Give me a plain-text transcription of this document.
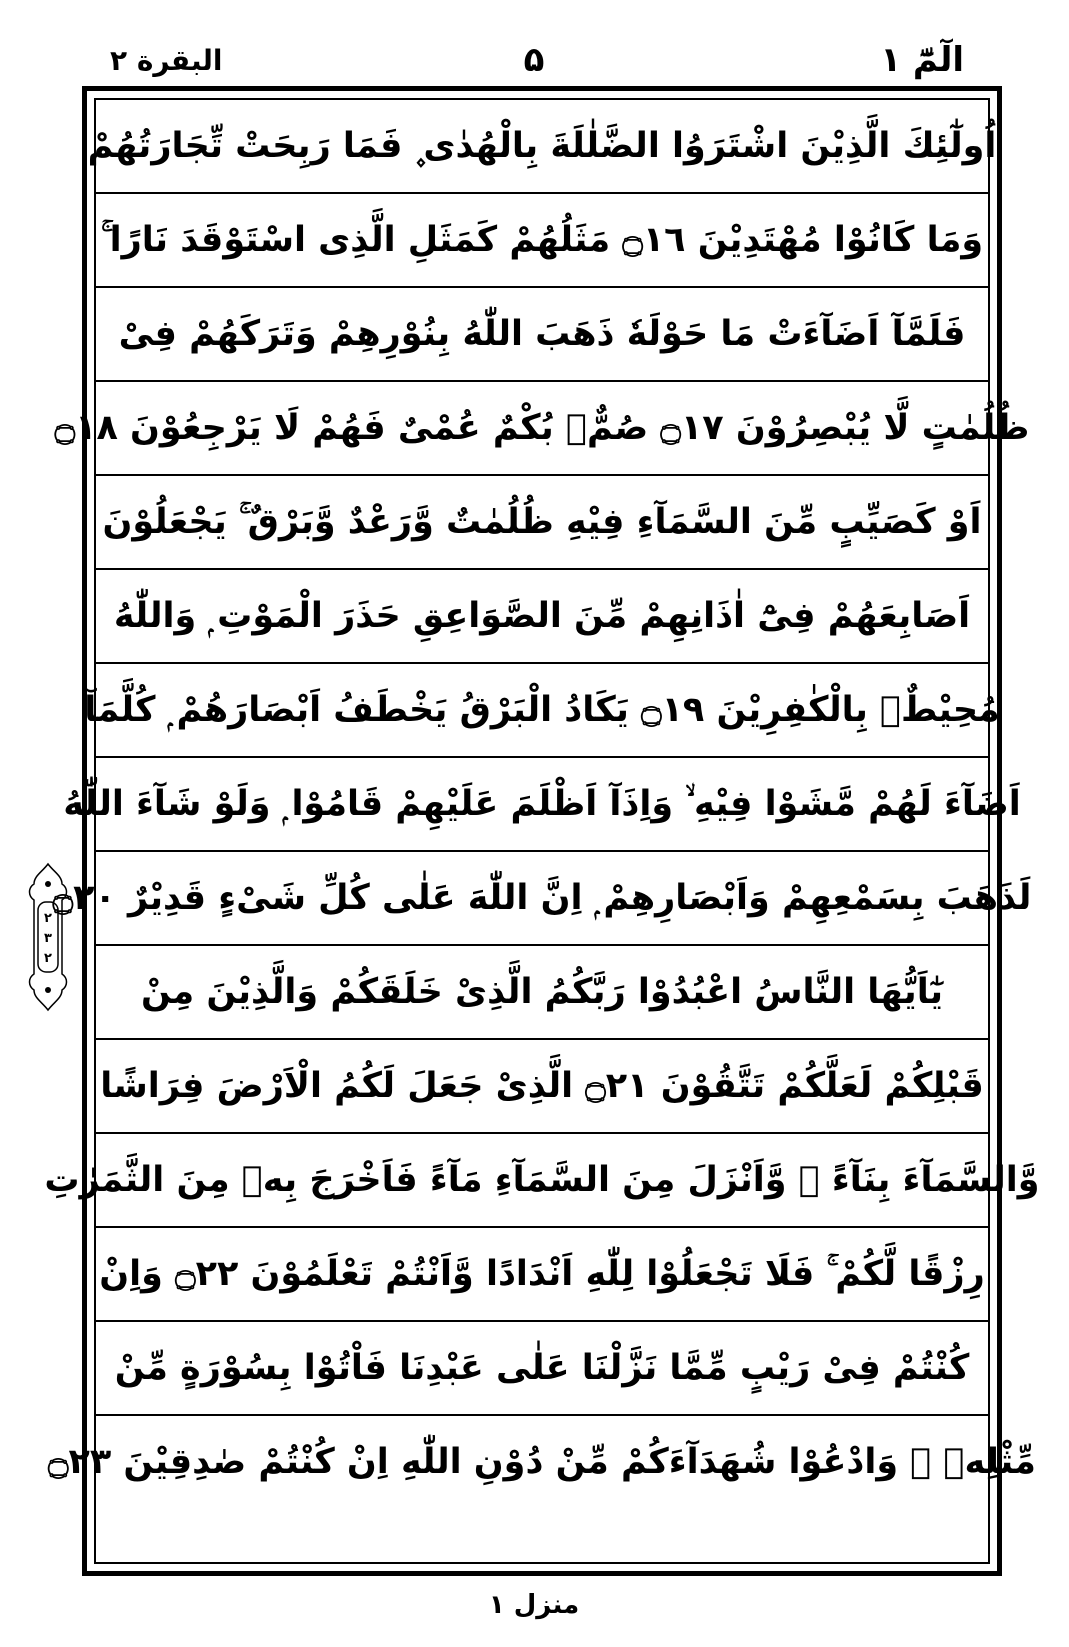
الٓمّٓ ۱
۵
البقرة ۲
اُولٰٓئِكَ الَّذِيْنَ اشْتَرَوُا الضَّلٰلَةَ بِالْهُدٰى ۪ فَمَا رَبِحَتْ تِّجَارَتُهُمْ
وَمَا كَانُوْا مُهْتَدِيْنَ ۝١٦ مَثَلُهُمْ كَمَثَلِ الَّذِى اسْتَوْقَدَ نَارًا ۚ
فَلَمَّآ اَضَآءَتْ مَا حَوْلَهٗ ذَهَبَ اللّٰهُ بِنُوْرِهِمْ وَتَرَكَهُمْ فِىْ
ظُلُمٰتٍ لَّا يُبْصِرُوْنَ ۝١٧ صُمٌّۢ بُكْمٌ عُمْىٌ فَهُمْ لَا يَرْجِعُوْنَ ۝١٨
اَوْ كَصَيِّبٍ مِّنَ السَّمَآءِ فِيْهِ ظُلُمٰتٌ وَّرَعْدٌ وَّبَرْقٌ ۚ يَجْعَلُوْنَ
اَصَابِعَهُمْ فِىْٓ اٰذَانِهِمْ مِّنَ الصَّوَاعِقِ حَذَرَ الْمَوْتِ ۭ وَاللّٰهُ
مُحِيْطٌۢ بِالْكٰفِرِيْنَ ۝١٩ يَكَادُ الْبَرْقُ يَخْطَفُ اَبْصَارَهُمْ ۭ كُلَّمَآ
اَضَآءَ لَهُمْ مَّشَوْا فِيْهِ ۙ وَاِذَآ اَظْلَمَ عَلَيْهِمْ قَامُوْا ۭ وَلَوْ شَآءَ اللّٰهُ
لَذَهَبَ بِسَمْعِهِمْ وَاَبْصَارِهِمْ ۭ اِنَّ اللّٰهَ عَلٰى كُلِّ شَىْءٍ قَدِيْرٌ ۝٢٠
يٰٓاَيُّهَا النَّاسُ اعْبُدُوْا رَبَّكُمُ الَّذِىْ خَلَقَكُمْ وَالَّذِيْنَ مِنْ
قَبْلِكُمْ لَعَلَّكُمْ تَتَّقُوْنَ ۝٢١ الَّذِىْ جَعَلَ لَكُمُ الْاَرْضَ فِرَاشًا
وَّالسَّمَآءَ بِنَآءً ۠ وَّاَنْزَلَ مِنَ السَّمَآءِ مَآءً فَاَخْرَجَ بِهٖ مِنَ الثَّمَرٰتِ
رِزْقًا لَّكُمْ ۚ فَلَا تَجْعَلُوْا لِلّٰهِ اَنْدَادًا وَّاَنْتُمْ تَعْلَمُوْنَ ۝٢٢ وَاِنْ
كُنْتُمْ فِىْ رَيْبٍ مِّمَّا نَزَّلْنَا عَلٰى عَبْدِنَا فَاْتُوْا بِسُوْرَةٍ مِّنْ
مِّثْلِهٖ ۠ وَادْعُوْا شُهَدَآءَكُمْ مِّنْ دُوْنِ اللّٰهِ اِنْ كُنْتُمْ صٰدِقِيْنَ ۝٢٣
۲
۳
۲
منزل ۱
